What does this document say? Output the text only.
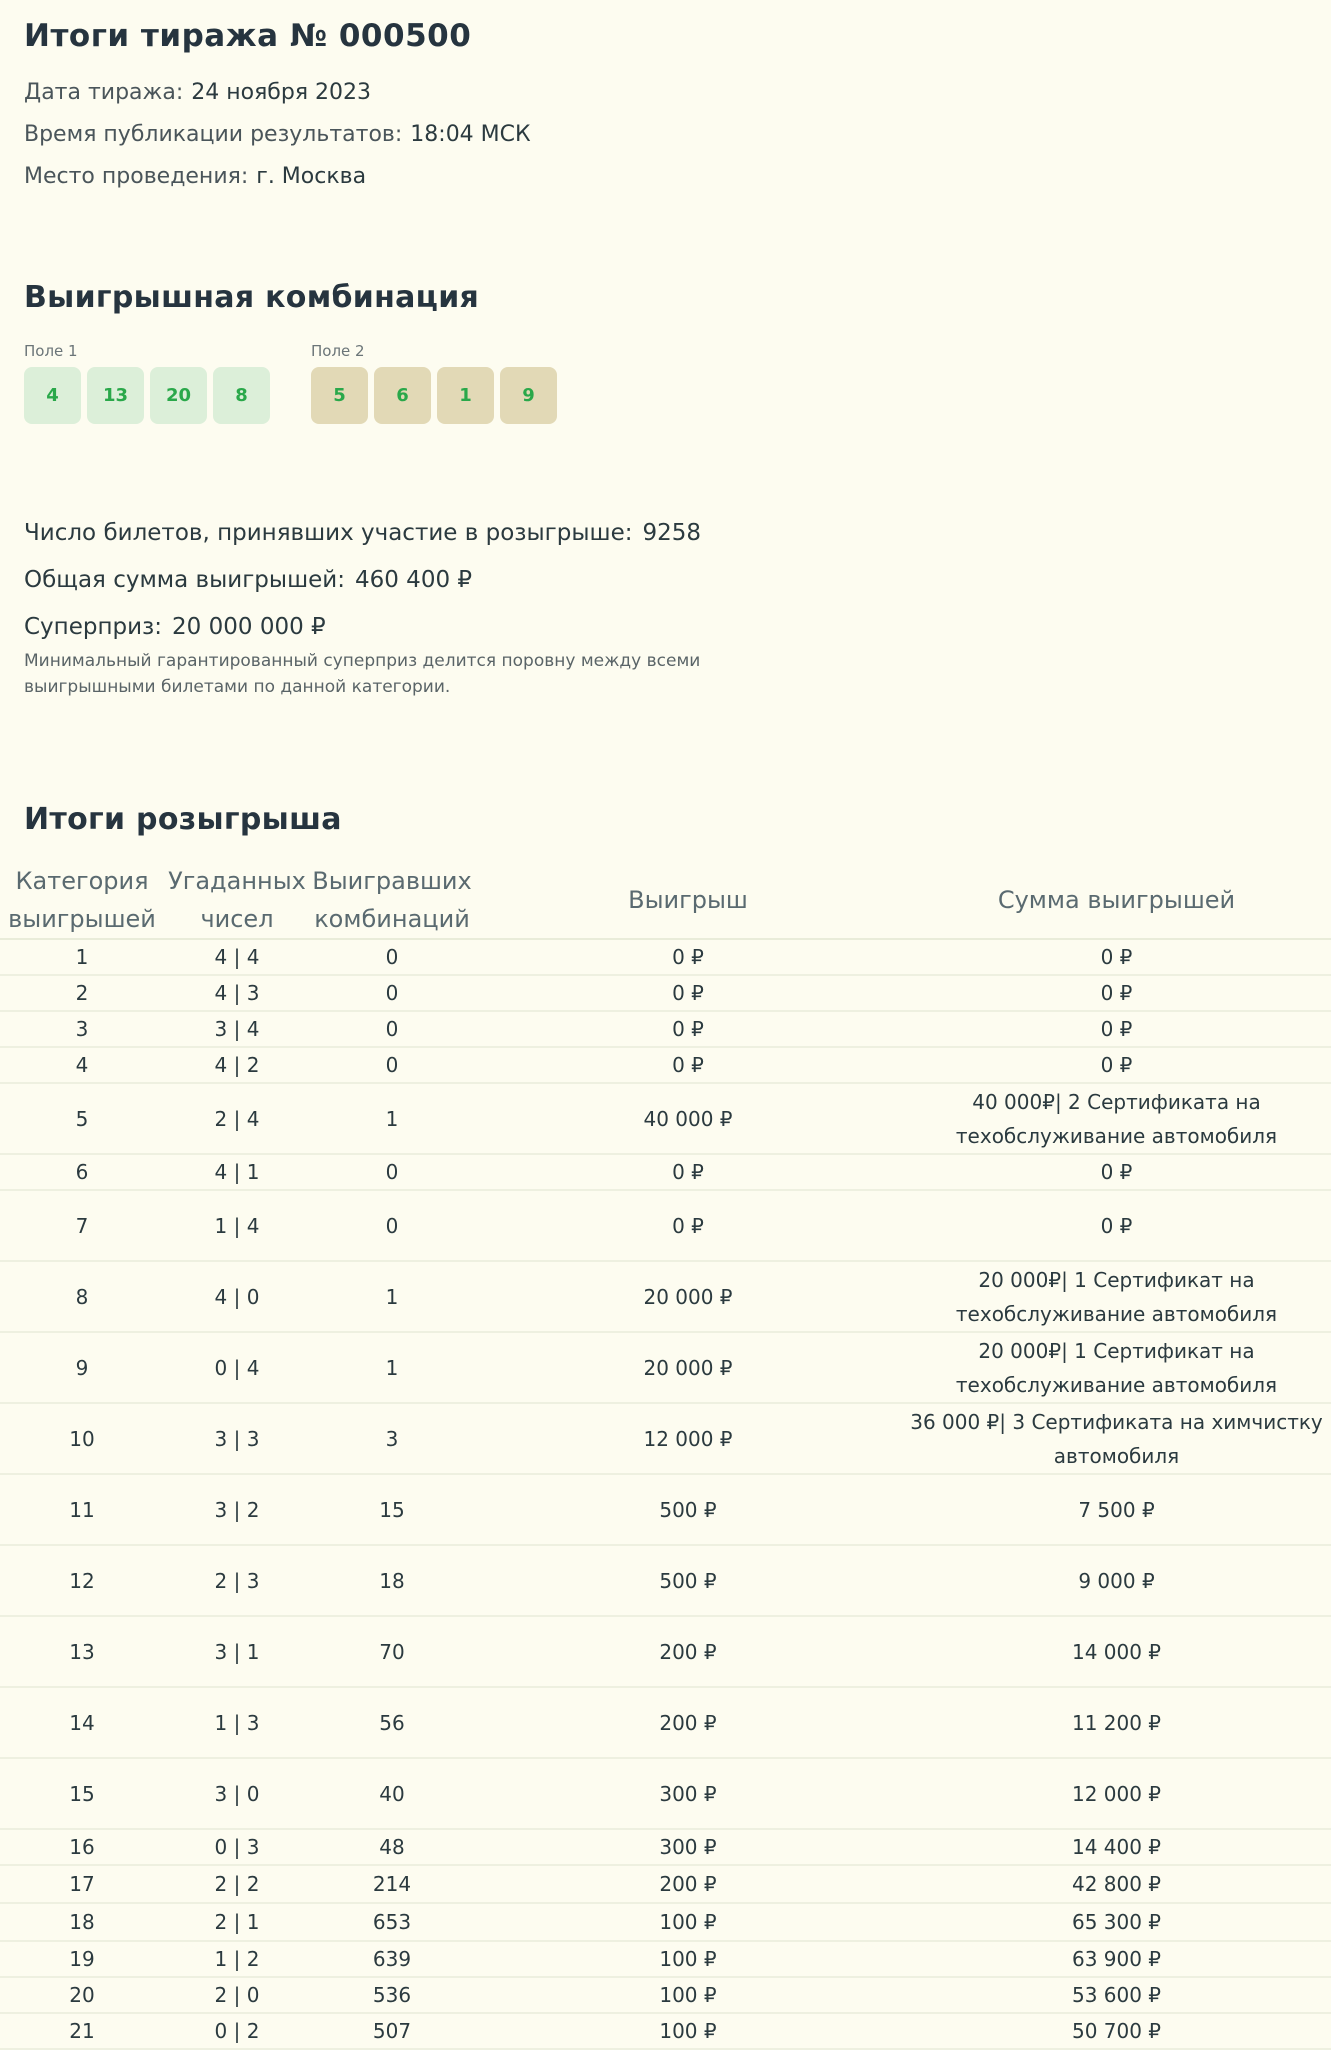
Итоги тиража № 000500
Дата тиража: 24 ноября 2023
Время публикации результатов: 18:04 МСК
Место проведения: г. Москва
Выигрышная комбинация
Поле 1
4	13	20	8
Поле 2
5	6	1	9
Число билетов, принявших участие в розыгрыше: 9258
Общая сумма выигрышей: 460 400 ₽
Суперприз: 20 000 000 ₽
Минимальный гарантированный суперприз делится поровну между всеми выигрышными билетами по данной категории.
Итоги розыгрыша
Категория выигрышей	Угаданных чисел	Выигравших комбинаций	Выигрыш	Сумма выигрышей
1	4 | 4	0	0 ₽	0 ₽
2	4 | 3	0	0 ₽	0 ₽
3	3 | 4	0	0 ₽	0 ₽
4	4 | 2	0	0 ₽	0 ₽
5	2 | 4	1	40 000 ₽	40 000₽| 2 Сертификата на техобслуживание автомобиля
6	4 | 1	0	0 ₽	0 ₽
7	1 | 4	0	0 ₽	0 ₽
8	4 | 0	1	20 000 ₽	20 000₽| 1 Сертификат на техобслуживание автомобиля
9	0 | 4	1	20 000 ₽	20 000₽| 1 Сертификат на техобслуживание автомобиля
10	3 | 3	3	12 000 ₽	36 000 ₽| 3 Сертификата на химчистку автомобиля
11	3 | 2	15	500 ₽	7 500 ₽
12	2 | 3	18	500 ₽	9 000 ₽
13	3 | 1	70	200 ₽	14 000 ₽
14	1 | 3	56	200 ₽	11 200 ₽
15	3 | 0	40	300 ₽	12 000 ₽
16	0 | 3	48	300 ₽	14 400 ₽
17	2 | 2	214	200 ₽	42 800 ₽
18	2 | 1	653	100 ₽	65 300 ₽
19	1 | 2	639	100 ₽	63 900 ₽
20	2 | 0	536	100 ₽	53 600 ₽
21	0 | 2	507	100 ₽	50 700 ₽
